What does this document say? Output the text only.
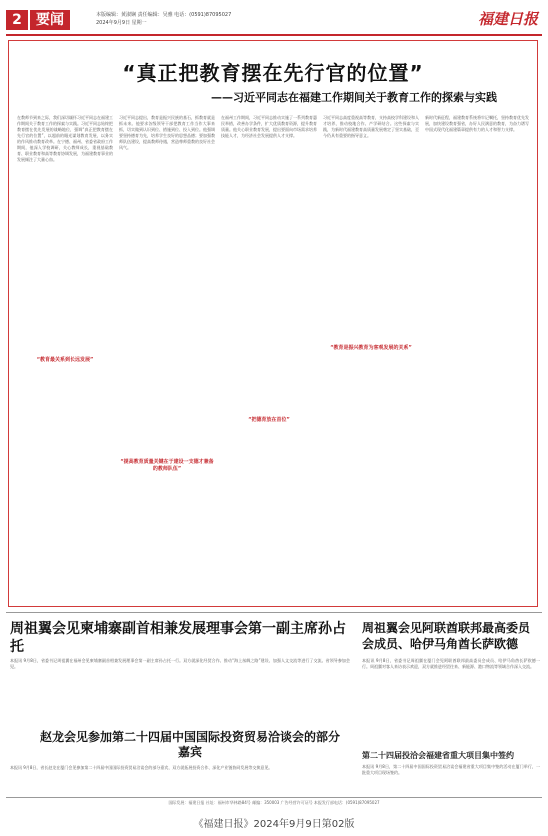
2	要闻	本版编辑：黄淑娴 责任编辑：吴雅 电话：(0591)87095027
2024年9月9日 星期一	福建日报
“真正把教育摆在先行官的位置”
——习近平同志在福建工作期间关于教育工作的探索与实践
在教师节到来之际，我们深切缅怀习近平同志在福建工作期间关于教育工作的探索与实践。习近平同志始终把教育摆在优先发展的战略地位，强调“真正把教育摆在先行官的位置”，以超前的眼光谋划教育发展，以务实的作风推动教育改革。在宁德、福州、省委省政府工作期间，他深入学校调研，关心教师成长，重视基础教育、职业教育和高等教育协调发展，为福建教育事业的发展倾注了大量心血。
习近平同志提出，教育是振兴民族的基石，抓教育就是抓未来。他要求各级领导干部把教育工作当作大事来抓，切实做到认识到位、措施到位、投入到位。他强调要坚持德育为先，培养学生良好的思想品德；要加强教师队伍建设，提高教师待遇，营造尊师重教的良好社会风气。
在福州工作期间，习近平同志推动实施了一系列教育惠民举措，改善办学条件，扩大优质教育资源，提升教育质量。他关心职业教育发展，提出要面向市场需求培养技能人才，为经济社会发展提供人才支撑。
习近平同志高度重视高等教育，支持高校学科建设和人才培养，推动校地合作、产学研结合。这些探索与实践，为新时代福建教育高质量发展奠定了坚实基础，至今仍具有重要的指导意义。
新时代新征程，福建教育系统将牢记嘱托，坚持教育优先发展，加快建设教育强省，办好人民满意的教育，为奋力谱写中国式现代化福建篇章提供有力的人才和智力支撑。
“教育最关系到长远发展”
“把德育放在首位”
“提高教育质量关键在于建设一支德才兼备的教师队伍”
“教育是振兴教育为客观发展的关系”
周祖翼会见柬埔寨副首相兼发展理事会第一副主席孙占托
本报讯 9月8日，省委书记周祖翼在福州会见柬埔寨副首相兼发展理事会第一副主席孙占托一行。双方就深化经贸合作、推动“海上丝绸之路”建设、加强人文交流等进行了交流。省领导参加会见。
赵龙会见参加第二十四届中国国际投资贸易洽谈会的部分嘉宾
本报讯 9月8日，省长赵龙在厦门会见参加第二十四届中国国际投资贸易洽谈会的部分嘉宾，双方就拓展投资合作、深化产业链协同发展等交换意见。
周祖翼会见阿联酋联邦最高委员会成员、哈伊马角酋长萨欧德
本报讯 9月8日，省委书记周祖翼在厦门会见阿联酋联邦最高委员会成员、哈伊马角酋长萨欧德一行。周祖翼对客人来访表示欢迎，双方就推进经贸往来、新能源、港口物流等领域合作深入交流。
第二十四届投洽会福建省重大项目集中签约
本报讯 9月8日，第二十四届中国国际投资贸易洽谈会福建省重大项目集中签约活动在厦门举行，一批重大项目现场签约。
国际发展：福建日报 社址：福州市华林路84号 邮编：350003 广告经营许可证号 本报发行部电话：(0591)87095027
《福建日报》2024年9月9日第02版
